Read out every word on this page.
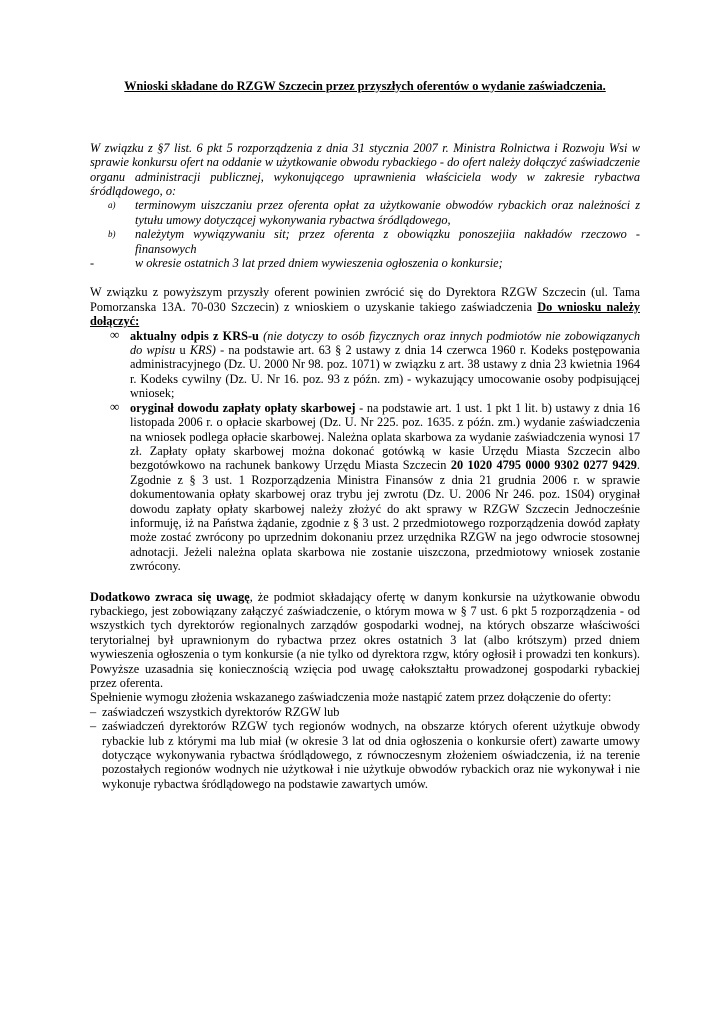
Wnioski składane do RZGW Szczecin przez przyszłych oferentów o wydanie zaświadczenia.

W związku z §7 list. 6 pkt 5 rozporządzenia z dnia 31 stycznia 2007 r. Ministra Rolnictwa i Rozwoju Wsi w sprawie konkursu ofert na oddanie w użytkowanie obwodu rybackiego - do ofert należy dołączyć zaświadczenie organu administracji publicznej, wykonującego uprawnienia właściciela wody w zakresie rybactwa śródlądowego, o:

a) terminowym uiszczaniu przez oferenta opłat za użytkowanie obwodów rybackich oraz należności z tytułu umowy dotyczącej wykonywania rybactwa śródlądowego,
b) należytym wywiązywaniu sit; przez oferenta z obowiązku ponoszejiia nakładów rzeczowo - finansowych
-	w okresie ostatnich 3 lat przed dniem wywieszenia ogłoszenia o konkursie;

W związku z powyższym przyszły oferent powinien zwrócić się do Dyrektora RZGW Szczecin (ul. Tama Pomorzanska 13A. 70-030 Szczecin) z wnioskiem o uzyskanie takiego zaświadczenia Do wniosku należy dołączyć:

∞ aktualny odpis z KRS-u (nie dotyczy to osób fizycznych oraz innych podmiotów nie zobowiązanych do wpisu u KRS) - na podstawie art. 63 § 2 ustawy z dnia 14 czerwca 1960 r. Kodeks postępowania administracyjnego (Dz. U. 2000 Nr 98. poz. 1071) w związku z art. 38 ustawy z dnia 23 kwietnia 1964 r. Kodeks cywilny (Dz. U. Nr 16. poz. 93 z późn. zm) - wykazujący umocowanie osoby podpisującej wniosek;
∞ oryginał dowodu zapłaty opłaty skarbowej - na podstawie art. 1 ust. 1 pkt 1 lit. b) ustawy z dnia 16 listopada 2006 r. o opłacie skarbowej (Dz. U. Nr 225. poz. 1635. z późn. zm.) wydanie zaświadczenia na wniosek podlega opłacie skarbowej. Należna oplata skarbowa za wydanie zaświadczenia wynosi 17 zł. Zapłaty opłaty skarbowej można dokonać gotówką w kasie Urzędu Miasta Szczecin albo bezgotówkowo na rachunek bankowy Urzędu Miasta Szczecin 20 1020 4795 0000 9302 0277 9429. Zgodnie z § 3 ust. 1 Rozporządzenia Ministra Finansów z dnia 21 grudnia 2006 r. w sprawie dokumentowania opłaty skarbowej oraz trybu jej zwrotu (Dz. U. 2006 Nr 246. poz. 1S04) oryginał dowodu zapłaty opłaty skarbowej należy złożyć do akt sprawy w RZGW Szczecin Jednocześnie informuję, iż na Państwa żądanie, zgodnie z § 3 ust. 2 przedmiotowego rozporządzenia dowód zapłaty może zostać zwrócony po uprzednim dokonaniu przez urzędnika RZGW na jego odwrocie stosownej adnotacji. Jeżeli należna oplata skarbowa nie zostanie uiszczona, przedmiotowy wniosek zostanie zwrócony.

Dodatkowo zwraca się uwagę, że podmiot składający ofertę w danym konkursie na użytkowanie obwodu rybackiego, jest zobowiązany załączyć zaświadczenie, o którym mowa w § 7 ust. 6 pkt 5 rozporządzenia - od wszystkich tych dyrektorów regionalnych zarządów gospodarki wodnej, na których obszarze właściwości terytorialnej był uprawnionym do rybactwa przez okres ostatnich 3 lat (albo krótszym) przed dniem wywieszenia ogłoszenia o tym konkursie (a nie tylko od dyrektora rzgw, który ogłosił i prowadzi ten konkurs). Powyższe uzasadnia się koniecznością wzięcia pod uwagę całokształtu prowadzonej gospodarki rybackiej przez oferenta.

Spełnienie wymogu złożenia wskazanego zaświadczenia może nastąpić zatem przez dołączenie do oferty:

– zaświadczeń wszystkich dyrektorów RZGW lub
– zaświadczeń dyrektorów RZGW tych regionów wodnych, na obszarze których oferent użytkuje obwody rybackie lub z którymi ma lub miał (w okresie 3 lat od dnia ogłoszenia o konkursie ofert) zawarte umowy dotyczące wykonywania rybactwa śródlądowego, z równoczesnym złożeniem oświadczenia, iż na terenie pozostałych regionów wodnych nie użytkował i nie użytkuje obwodów rybackich oraz nie wykonywał i nie wykonuje rybactwa śródlądowego na podstawie zawartych umów.
